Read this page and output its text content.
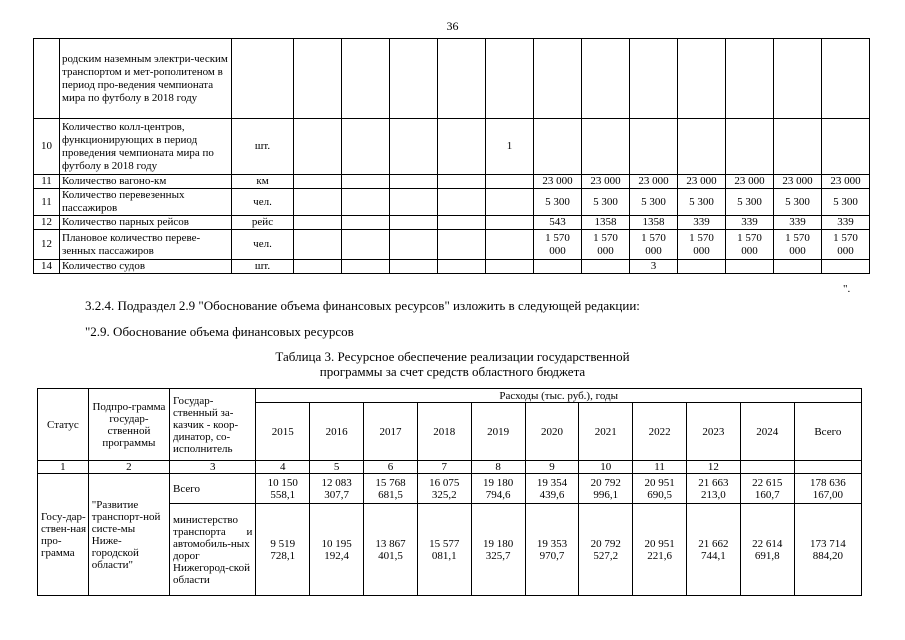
36
	родским наземным электри-ческим транспортом и мет-рополитеном в период про-ведения чемпионата мира по футболу в 2018 году																
10	Количество колл-центров, функционирующих в период проведения чемпионата мира по футболу в 2018 году	шт.					1										
11	Количество вагоно-км	км						23 000	23 000	23 000	23 000	23 000	23 000	23 000			
11	Количество перевезенных пассажиров	чел.						5 300	5 300	5 300	5 300	5 300	5 300	5 300			
12	Количество парных рейсов	рейс						543	1358	1358	339	339	339	339			
12	Плановое количество переве-зенных пассажиров	чел.						1 570 000	1 570 000	1 570 000	1 570 000	1 570 000	1 570 000	1 570 000			
14	Количество судов	шт.								3							
".
3.2.4. Подраздел 2.9 "Обоснование объема финансовых ресурсов" изложить в следующей редакции:
"2.9. Обоснование объема финансовых ресурсов
Таблица 3. Ресурсное обеспечение реализации государственной
программы за счет средств областного бюджета
Статус	Подпро-грамма государ-ственной программы	Государ-ственный за-казчик - коор-динатор, со-исполнитель	Расходы (тыс. руб.), годы										
			2015	2016	2017	2018	2019	2020	2021	2022	2023	2024	Всего
1	2	3	4	5	6	7	8	9	10	11	12		
Госу-дар-ствен-ная про-грамма	"Развитие транспорт-ной систе-мы Ниже-городской области"	Всего	10 150 558,1	12 083 307,7	15 768 681,5	16 075 325,2	19 180 794,6	19 354 439,6	20 792 996,1	20 951 690,5	21 663 213,0	22 615 160,7	178 636 167,00
		министерство транспорта и автомобиль-ных дорог Нижегород-ской области	9 519 728,1	10 195 192,4	13 867 401,5	15 577 081,1	19 180 325,7	19 353 970,7	20 792 527,2	20 951 221,6	21 662 744,1	22 614 691,8	173 714 884,20
